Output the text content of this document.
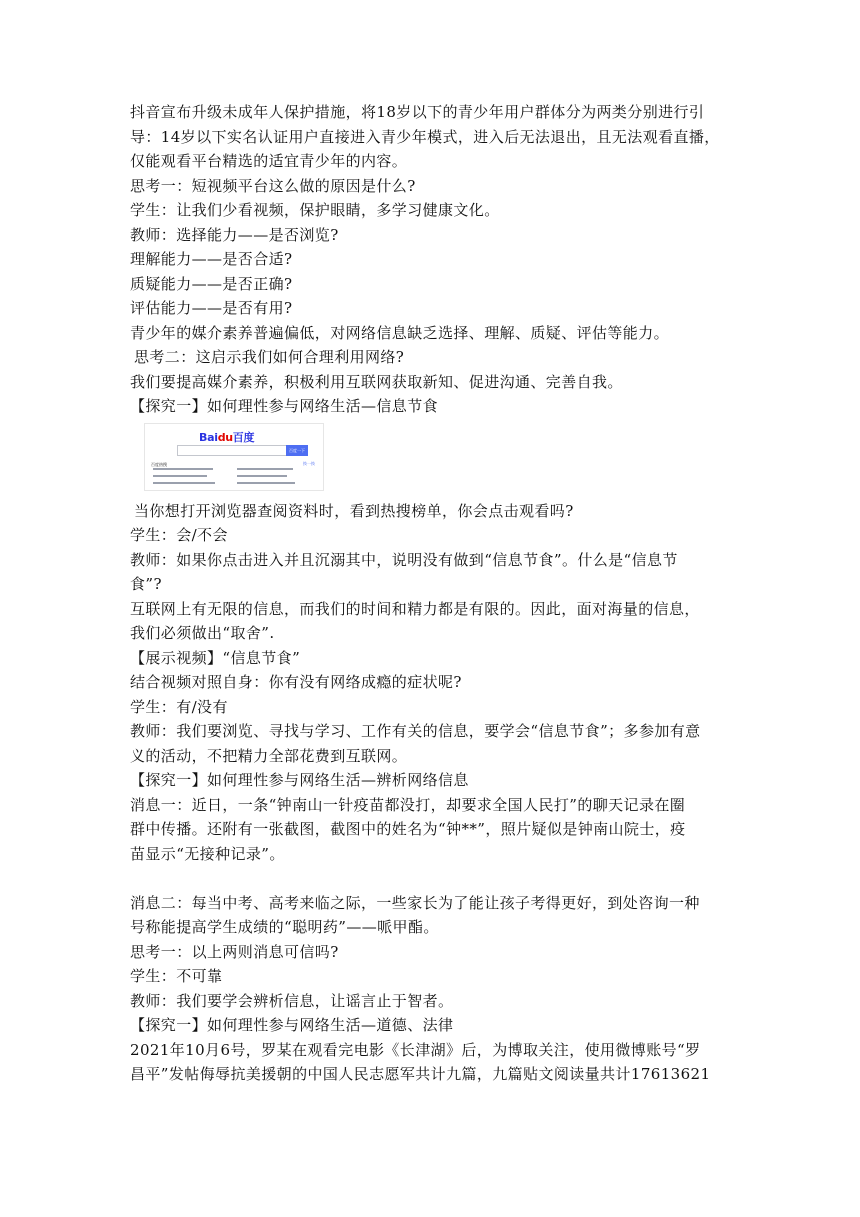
抖音宣布升级未成年人保护措施，将18岁以下的青少年用户群体分为两类分别进行引

导：14岁以下实名认证用户直接进入青少年模式，进入后无法退出，且无法观看直播，

仅能观看平台精选的适宜青少年的内容。

思考一：短视频平台这么做的原因是什么?

学生：让我们少看视频，保护眼睛，多学习健康文化。

教师：选择能力——是否浏览?

理解能力——是否合适?

质疑能力——是否正确?

评估能力——是否有用?

青少年的媒介素养普遍偏低，对网络信息缺乏选择、理解、质疑、评估等能力。

思考二：这启示我们如何合理利用网络?

我们要提高媒介素养，积极利用互联网获取新知、促进沟通、完善自我。

【探究一】如何理性参与网络生活—信息节食

Baidu百度
百度一下
百度热搜	换一换

当你想打开浏览器查阅资料时，看到热搜榜单，你会点击观看吗?

学生：会/不会

教师：如果你点击进入并且沉溺其中，说明没有做到“信息节食”。什么是“信息节

食”?

互联网上有无限的信息，而我们的时间和精力都是有限的。因此，面对海量的信息，

我们必须做出“取舍”.

【展示视频】“信息节食”

结合视频对照自身：你有没有网络成瘾的症状呢?

学生：有/没有

教师：我们要浏览、寻找与学习、工作有关的信息，要学会“信息节食”；多参加有意

义的活动，不把精力全部花费到互联网。

【探究一】如何理性参与网络生活—辨析网络信息

消息一：近日，一条“钟南山一针疫苗都没打，却要求全国人民打”的聊天记录在圈

群中传播。还附有一张截图，截图中的姓名为“钟**”，照片疑似是钟南山院士，疫

苗显示“无接种记录”。

消息二：每当中考、高考来临之际，一些家长为了能让孩子考得更好，到处咨询一种

号称能提高学生成绩的“聪明药”——哌甲酯。

思考一：以上两则消息可信吗?

学生：不可靠

教师：我们要学会辨析信息，让谣言止于智者。

【探究一】如何理性参与网络生活—道德、法律

2021年10月6号，罗某在观看完电影《长津湖》后，为博取关注，使用微博账号“罗

昌平”发帖侮辱抗美援朝的中国人民志愿军共计九篇，九篇贴文阅读量共计17613621
